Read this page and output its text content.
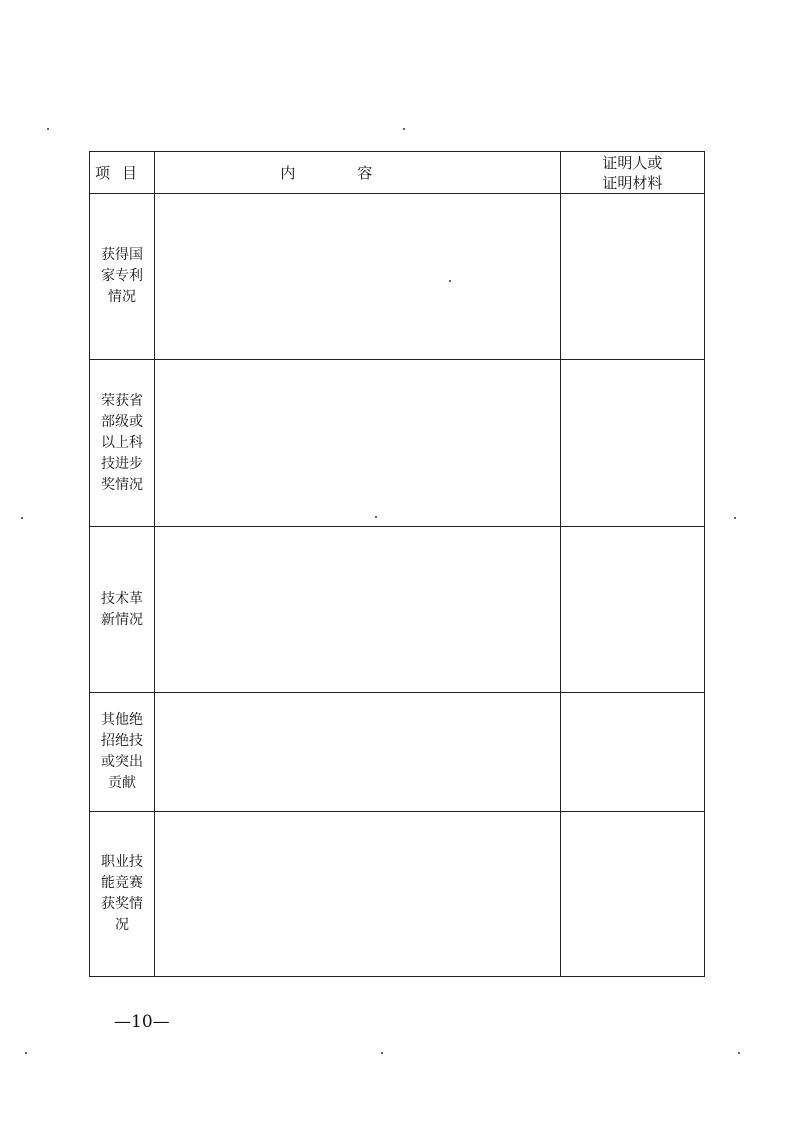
项目	内容	证明人或
证明材料

获得国家专利情况		

荣获省部级或以上科技进步奖情况		

技术革新情况		

其他绝招绝技或突出贡献		

职业技能竞赛获奖情况		

—10—
